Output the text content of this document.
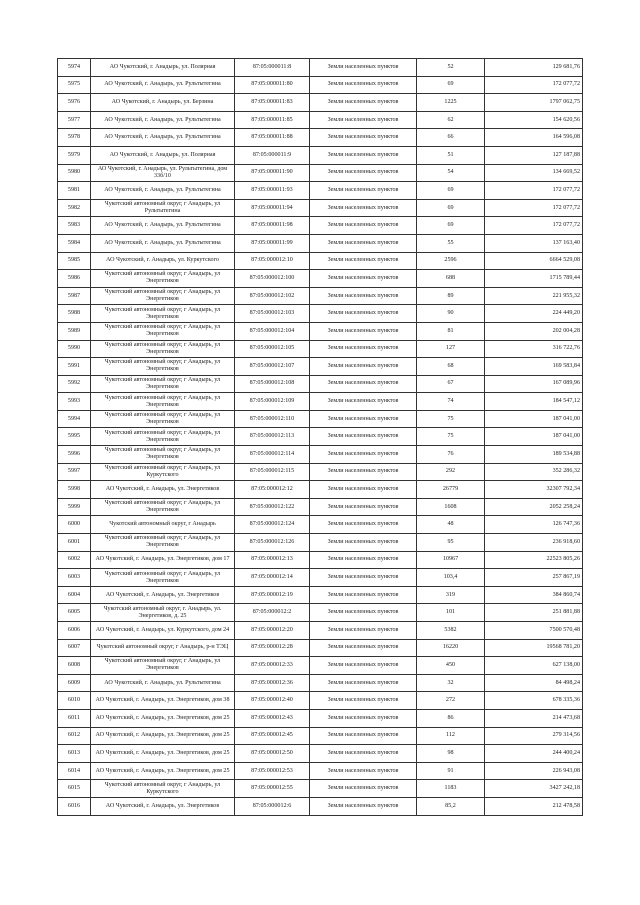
5974	АО Чукотский, г. Анадырь, ул. Полярная	87:05:000011:8	Земли населенных пунктов	52	129 681,76
5975	АО Чукотский, г. Анадырь, ул. Рультытегина	87:05:000011:80	Земли населенных пунктов	69	172 077,72
5976	АО Чукотский, г. Анадырь, ул. Берзина	87:05:000011:83	Земли населенных пунктов	1225	1797 062,75
5977	АО Чукотский, г. Анадырь, ул. Рультытегина	87:05:000011:85	Земли населенных пунктов	62	154 620,56
5978	АО Чукотский, г. Анадырь, ул. Рультытегина	87:05:000011:88	Земли населенных пунктов	66	164 596,08
5979	АО Чукотский, г. Анадырь, ул. Полярная	87:05:000011:9	Земли населенных пунктов	51	127 187,88
5980	АО Чукотский, г. Анадырь, ул. Рультытегина, дом 33б/10	87:05:000011:90	Земли населенных пунктов	54	134 669,52
5981	АО Чукотский, г. Анадырь, ул. Рультытегина	87:05:000011:93	Земли населенных пунктов	69	172 077,72
5982	Чукотский автономный округ, г Анадырь, ул Рультытегина	87:05:000011:94	Земли населенных пунктов	69	172 077,72
5983	АО Чукотский, г. Анадырь, ул. Рультытегина	87:05:000011:98	Земли населенных пунктов	69	172 077,72
5984	АО Чукотский, г. Анадырь, ул. Рультытегина	87:05:000011:99	Земли населенных пунктов	55	137 163,40
5985	АО Чукотский, г. Анадырь, ул. Куркутского	87:05:000012:10	Земли населенных пунктов	2596	6664 529,08
5986	Чукотский автономный округ, г Анадырь, ул Энергетиков	87:05:000012:100	Земли населенных пунктов	688	1715 789,44
5987	Чукотский автономный округ, г Анадырь, ул Энергетиков	87:05:000012:102	Земли населенных пунктов	89	221 955,32
5988	Чукотский автономный округ, г Анадырь, ул Энергетиков	87:05:000012:103	Земли населенных пунктов	90	224 449,20
5989	Чукотский автономный округ, г Анадырь, ул Энергетиков	87:05:000012:104	Земли населенных пунктов	81	202 004,28
5990	Чукотский автономный округ, г Анадырь, ул Энергетиков	87:05:000012:105	Земли населенных пунктов	127	316 722,76
5991	Чукотский автономный округ, г Анадырь, ул Энергетиков	87:05:000012:107	Земли населенных пунктов	68	169 583,84
5992	Чукотский автономный округ, г Анадырь, ул Энергетиков	87:05:000012:108	Земли населенных пунктов	67	167 089,96
5993	Чукотский автономный округ, г Анадырь, ул Энергетиков	87:05:000012:109	Земли населенных пунктов	74	184 547,12
5994	Чукотский автономный округ, г Анадырь, ул Энергетиков	87:05:000012:110	Земли населенных пунктов	75	187 041,00
5995	Чукотский автономный округ, г Анадырь, ул Энергетиков	87:05:000012:113	Земли населенных пунктов	75	187 041,00
5996	Чукотский автономный округ, г Анадырь, ул Энергетиков	87:05:000012:114	Земли населенных пунктов	76	189 534,88
5997	Чукотский автономный округ, г Анадырь, ул Куркутского	87:05:000012:115	Земли населенных пунктов	292	352 286,32
5998	АО Чукотский, г. Анадырь, ул. Энергетиков	87:05:000012:12	Земли населенных пунктов	26779	32307 792,34
5999	Чукотский автономный округ, г Анадырь, ул Энергетиков	87:05:000012:122	Земли населенных пунктов	1608	2052 258,24
6000	Чукотский автономный округ, г Анадырь	87:05:000012:124	Земли населенных пунктов	48	126 747,36
6001	Чукотский автономный округ, г Анадырь, ул Энергетиков	87:05:000012:126	Земли населенных пунктов	95	236 918,60
6002	АО Чукотский, г. Анадырь, ул. Энергетиков, дом 17	87:05:000012:13	Земли населенных пунктов	10967	22523 805,26
6003	Чукотский автономный округ, г Анадырь, ул Энергетиков	87:05:000012:14	Земли населенных пунктов	103,4	257 867,19
6004	АО Чукотский, г. Анадырь, ул. Энергетиков	87:05:000012:19	Земли населенных пунктов	319	384 860,74
6005	Чукотский автономный округ, г. Анадырь, ул. Энергетиков, д. 25	87:05:000012:2	Земли населенных пунктов	101	251 881,88
6006	АО Чукотский, г. Анадырь, ул. Куркутского, дом 24	87:05:000012:20	Земли населенных пунктов	5382	7500 570,48
6007	Чукотский автономный округ, г Анадырь, р-н ТЭЦ	87:05:000012:28	Земли населенных пунктов	16220	19568 781,20
6008	Чукотский автономный округ, г Анадырь, ул Энергетиков	87:05:000012:33	Земли населенных пунктов	450	627 138,00
6009	АО Чукотский, г. Анадырь, ул. Рультытегина	87:05:000012:36	Земли населенных пунктов	32	84 498,24
6010	АО Чукотский, г. Анадырь, ул. Энергетиков, дом 38	87:05:000012:40	Земли населенных пунктов	272	678 335,36
6011	АО Чукотский, г. Анадырь, ул. Энергетиков, дом 25	87:05:000012:43	Земли населенных пунктов	86	214 473,68
6012	АО Чукотский, г. Анадырь, ул. Энергетиков, дом 25	87:05:000012:45	Земли населенных пунктов	112	279 314,56
6013	АО Чукотский, г. Анадырь, ул. Энергетиков, дом 25	87:05:000012:50	Земли населенных пунктов	98	244 400,24
6014	АО Чукотский, г. Анадырь, ул. Энергетиков, дом 25	87:05:000012:53	Земли населенных пунктов	91	226 943,08
6015	Чукотский автономный округ, г Анадырь, ул Куркутского	87:05:000012:55	Земли населенных пунктов	1183	3427 242,18
6016	АО Чукотский, г. Анадырь, ул. Энергетиков	87:05:000012:6	Земли населенных пунктов	85,2	212 478,58
